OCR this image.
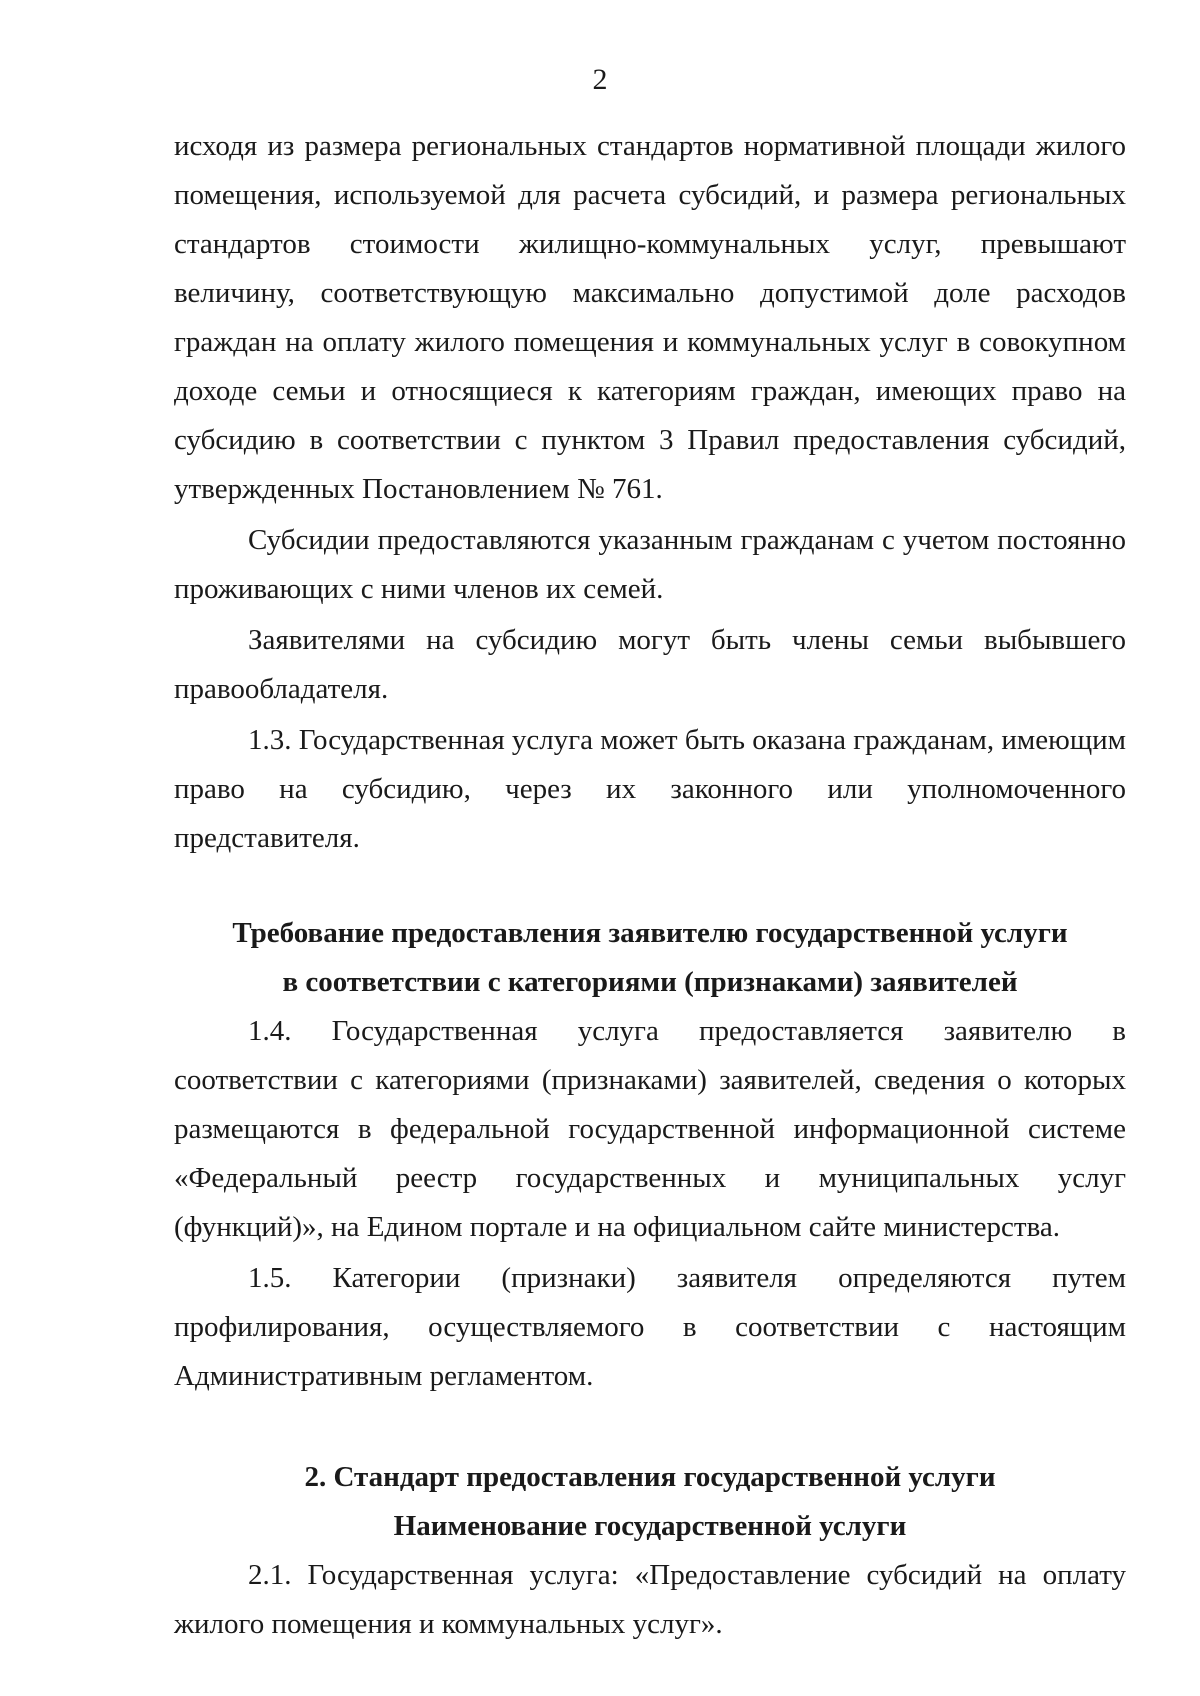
2

исходя из размера региональных стандартов нормативной площади жилого помещения, используемой для расчета субсидий, и размера региональных стандартов стоимости жилищно-коммунальных услуг, превышают величину, соответствующую максимально допустимой доле расходов граждан на оплату жилого помещения и коммунальных услуг в совокупном доходе семьи и относящиеся к категориям граждан, имеющих право на субсидию в соответствии с пунктом 3 Правил предоставления субсидий, утвержденных Постановлением № 761.

Субсидии предоставляются указанным гражданам с учетом постоянно проживающих с ними членов их семей.

Заявителями на субсидию могут быть члены семьи выбывшего правообладателя.

1.3. Государственная услуга может быть оказана гражданам, имеющим право на субсидию, через их законного или уполномоченного представителя.

Требование предоставления заявителю государственной услуги

в соответствии с категориями (признаками) заявителей

1.4. Государственная услуга предоставляется заявителю в соответствии с категориями (признаками) заявителей, сведения о которых размещаются в федеральной государственной информационной системе «Федеральный реестр государственных и муниципальных услуг (функций)», на Едином портале и на официальном сайте министерства.

1.5. Категории (признаки) заявителя определяются путем профилирования, осуществляемого в соответствии с настоящим Административным регламентом.

2. Стандарт предоставления государственной услуги

Наименование государственной услуги

2.1. Государственная услуга: «Предоставление субсидий на оплату жилого помещения и коммунальных услуг».
